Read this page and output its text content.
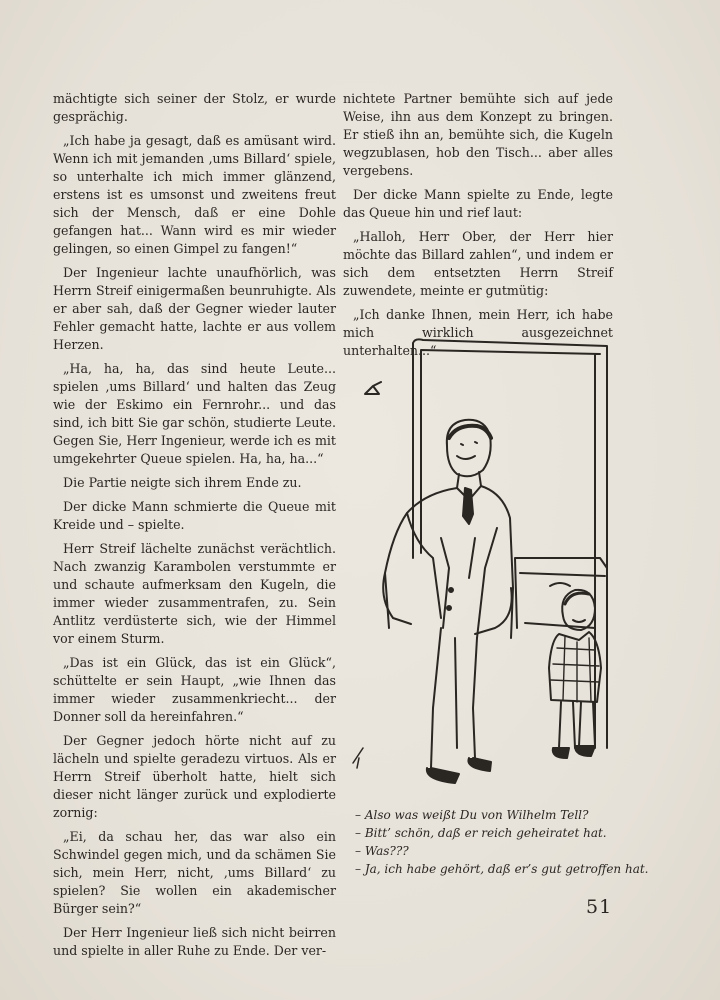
mächtigte sich seiner der Stolz, er wurde gesprächig.

„Ich habe ja gesagt, daß es amüsant wird. Wenn ich mit jemanden ‚ums Billard‘ spiele, so unterhalte ich mich immer glänzend, erstens ist es umsonst und zweitens freut sich der Mensch, daß er eine Dohle gefangen hat... Wann wird es mir wieder gelingen, so einen Gimpel zu fangen!“

Der Ingenieur lachte unaufhörlich, was Herrn Streif einigermaßen beunruhigte. Als er aber sah, daß der Gegner wieder lauter Fehler gemacht hatte, lachte er aus vollem Herzen.

„Ha, ha, ha, das sind heute Leute... spielen ‚ums Billard‘ und halten das Zeug wie der Eskimo ein Fernrohr... und das sind, ich bitt Sie gar schön, studierte Leute. Gegen Sie, Herr Ingenieur, werde ich es mit umgekehrter Queue spielen. Ha, ha, ha...“

Die Partie neigte sich ihrem Ende zu.

Der dicke Mann schmierte die Queue mit Kreide und – spielte.

Herr Streif lächelte zunächst verächtlich. Nach zwanzig Karambolen verstummte er und schaute aufmerksam den Kugeln, die immer wieder zusammentrafen, zu. Sein Antlitz verdüsterte sich, wie der Himmel vor einem Sturm.

„Das ist ein Glück, das ist ein Glück“, schüttelte er sein Haupt, „wie Ihnen das immer wieder zusammenkriecht... der Donner soll da hereinfahren.“

Der Gegner jedoch hörte nicht auf zu lächeln und spielte geradezu virtuos. Als er Herrn Streif überholt hatte, hielt sich dieser nicht länger zurück und explodierte zornig:

„Ei, da schau her, das war also ein Schwindel gegen mich, und da schämen Sie sich, mein Herr, nicht, ‚ums Billard‘ zu spielen? Sie wollen ein akademischer Bürger sein?“

Der Herr Ingenieur ließ sich nicht beirren und spielte in aller Ruhe zu Ende. Der ver-

nichtete Partner bemühte sich auf jede Weise, ihn aus dem Konzept zu bringen. Er stieß ihn an, bemühte sich, die Kugeln wegzublasen, hob den Tisch... aber alles vergebens.

Der dicke Mann spielte zu Ende, legte das Queue hin und rief laut:

„Halloh, Herr Ober, der Herr hier möchte das Billard zahlen“, und indem er sich dem entsetzten Herrn Streif zuwendete, meinte er gutmütig:

„Ich danke Ihnen, mein Herr, ich habe mich wirklich ausgezeichnet unterhalten...“

– Also was weißt Du von Wilhelm Tell?
– Bitt’ schön, daß er reich geheiratet hat.
– Was???
– Ja, ich habe gehört, daß er’s gut getroffen hat.
51
